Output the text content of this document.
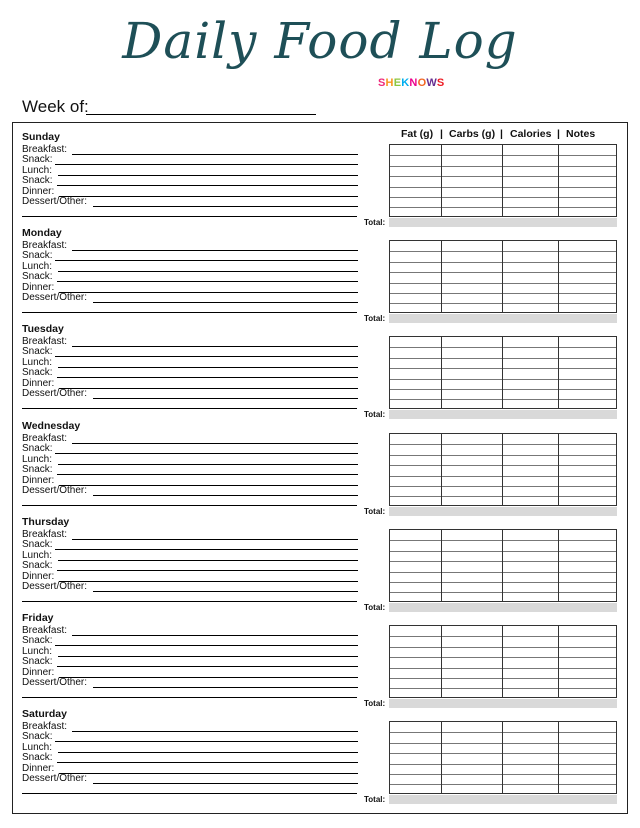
Daily Food Log
SHEKNOWS
Week of:
Fat (g) | Carbs (g) | Calories | Notes
Sunday
Breakfast:
Snack:
Lunch:
Snack:
Dinner:
Dessert/Other:
Total:
Monday
Breakfast:
Snack:
Lunch:
Snack:
Dinner:
Dessert/Other:
Total:
Tuesday
Breakfast:
Snack:
Lunch:
Snack:
Dinner:
Dessert/Other:
Total:
Wednesday
Breakfast:
Snack:
Lunch:
Snack:
Dinner:
Dessert/Other:
Total:
Thursday
Breakfast:
Snack:
Lunch:
Snack:
Dinner:
Dessert/Other:
Total:
Friday
Breakfast:
Snack:
Lunch:
Snack:
Dinner:
Dessert/Other:
Total:
Saturday
Breakfast:
Snack:
Lunch:
Snack:
Dinner:
Dessert/Other:
Total:
